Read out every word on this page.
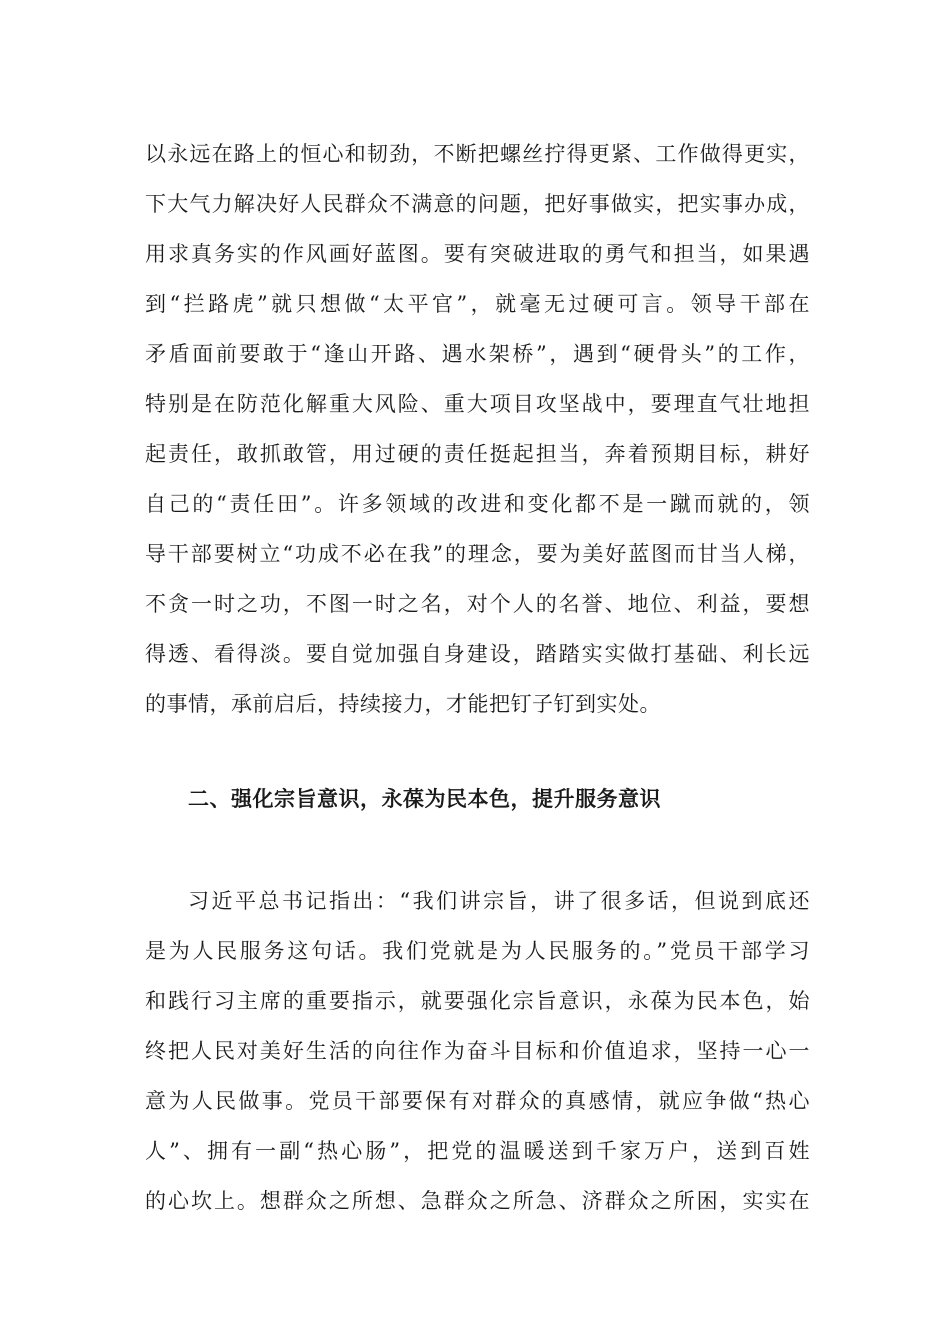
以永远在路上的恒心和韧劲，不断把螺丝拧得更紧、工作做得更实，
下大气力解决好人民群众不满意的问题，把好事做实，把实事办成，
用求真务实的作风画好蓝图。要有突破进取的勇气和担当，如果遇
到“拦路虎”就只想做“太平官”，就毫无过硬可言。领导干部在
矛盾面前要敢于“逢山开路、遇水架桥”，遇到“硬骨头”的工作，
特别是在防范化解重大风险、重大项目攻坚战中，要理直气壮地担
起责任，敢抓敢管，用过硬的责任挺起担当，奔着预期目标，耕好
自己的“责任田”。许多领域的改进和变化都不是一蹴而就的，领
导干部要树立“功成不必在我”的理念，要为美好蓝图而甘当人梯，
不贪一时之功，不图一时之名，对个人的名誉、地位、利益，要想
得透、看得淡。要自觉加强自身建设，踏踏实实做打基础、利长远
的事情，承前启后，持续接力，才能把钉子钉到实处。
二、强化宗旨意识，永葆为民本色，提升服务意识
习近平总书记指出：“我们讲宗旨，讲了很多话，但说到底还
是为人民服务这句话。我们党就是为人民服务的。”党员干部学习
和践行习主席的重要指示，就要强化宗旨意识，永葆为民本色，始
终把人民对美好生活的向往作为奋斗目标和价值追求，坚持一心一
意为人民做事。党员干部要保有对群众的真感情，就应争做“热心
人”、拥有一副“热心肠”，把党的温暖送到千家万户，送到百姓
的心坎上。想群众之所想、急群众之所急、济群众之所困，实实在
